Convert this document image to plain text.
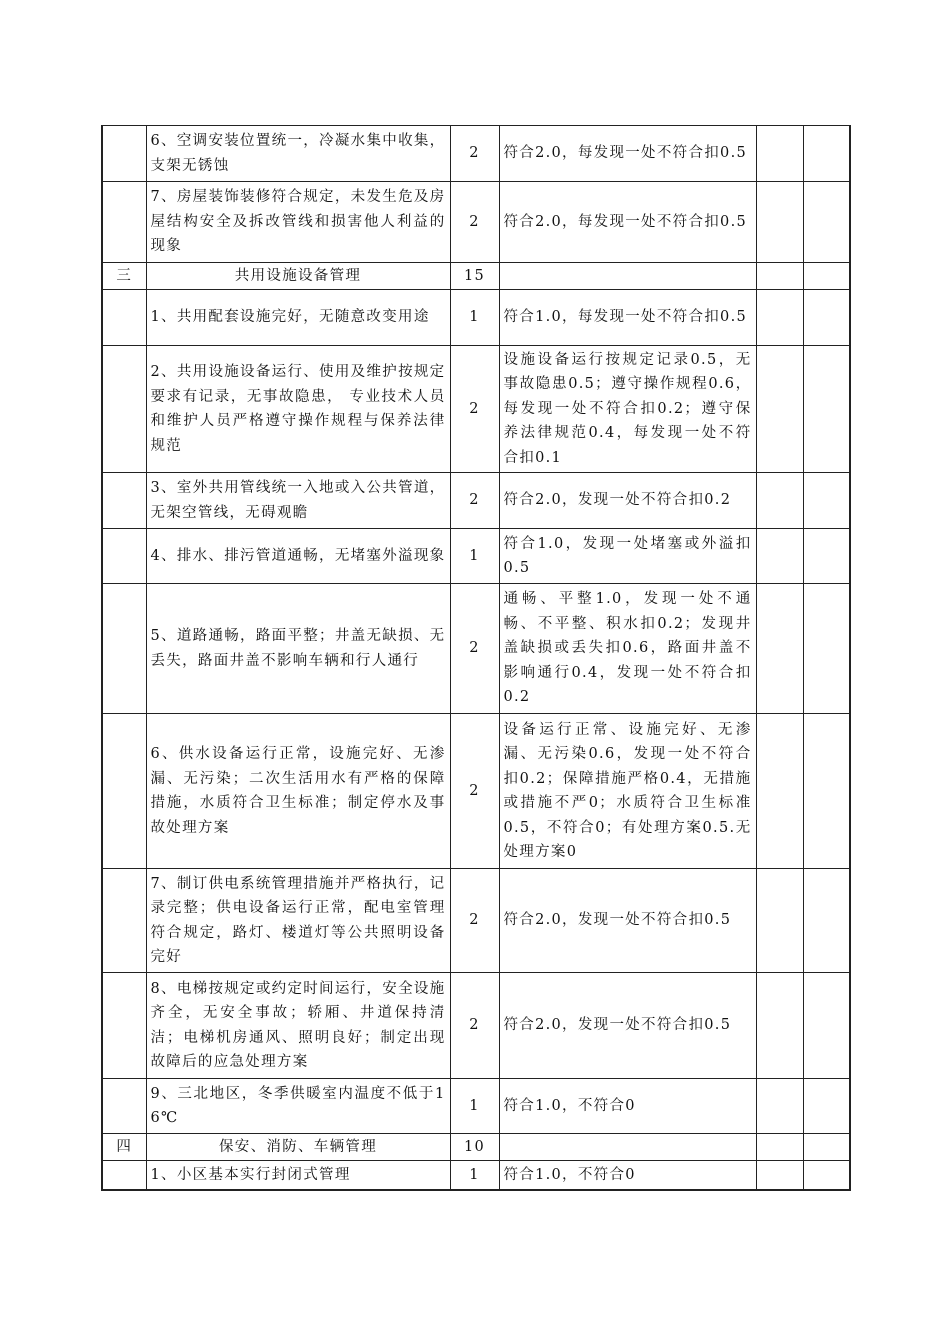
	6、空调安装位置统一，冷凝水集中收集，支架无锈蚀	2	符合2.0，每发现一处不符合扣0.5		
	7、房屋装饰装修符合规定，未发生危及房屋结构安全及拆改管线和损害他人利益的现象	2	符合2.0，每发现一处不符合扣0.5		
三	共用设施设备管理	15			
	1、共用配套设施完好，无随意改变用途	1	符合1.0，每发现一处不符合扣0.5		
	2、共用设施设备运行、使用及维护按规定要求有记录，无事故隐患， 专业技术人员和维护人员严格遵守操作规程与保养法律规范	2	设施设备运行按规定记录0.5，无事故隐患0.5；遵守操作规程0.6，每发现一处不符合扣0.2；遵守保养法律规范0.4，每发现一处不符合扣0.1		
	3、室外共用管线统一入地或入公共管道，无架空管线，无碍观瞻	2	符合2.0，发现一处不符合扣0.2		
	4、排水、排污管道通畅，无堵塞外溢现象	1	符合1.0，发现一处堵塞或外溢扣0.5		
	5、道路通畅，路面平整；井盖无缺损、无丢失，路面井盖不影响车辆和行人通行	2	通畅、平整1.0，发现一处不通畅、不平整、积水扣0.2；发现井盖缺损或丢失扣0.6，路面井盖不影响通行0.4，发现一处不符合扣0.2		
	6、供水设备运行正常，设施完好、无渗漏、无污染；二次生活用水有严格的保障措施，水质符合卫生标准；制定停水及事故处理方案	2	设备运行正常、设施完好、无渗漏、无污染0.6，发现一处不符合扣0.2；保障措施严格0.4，无措施或措施不严0；水质符合卫生标准0.5，不符合0；有处理方案0.5.无处理方案0		
	7、制订供电系统管理措施并严格执行，记录完整；供电设备运行正常，配电室管理符合规定，路灯、楼道灯等公共照明设备完好	2	符合2.0，发现一处不符合扣0.5		
	8、电梯按规定或约定时间运行，安全设施齐全，无安全事故；轿厢、井道保持清洁；电梯机房通风、照明良好；制定出现故障后的应急处理方案	2	符合2.0，发现一处不符合扣0.5		
	9、三北地区，冬季供暖室内温度不低于16℃	1	符合1.0，不符合0		
四	保安、消防、车辆管理	10			
	1、小区基本实行封闭式管理	1	符合1.0，不符合0		
